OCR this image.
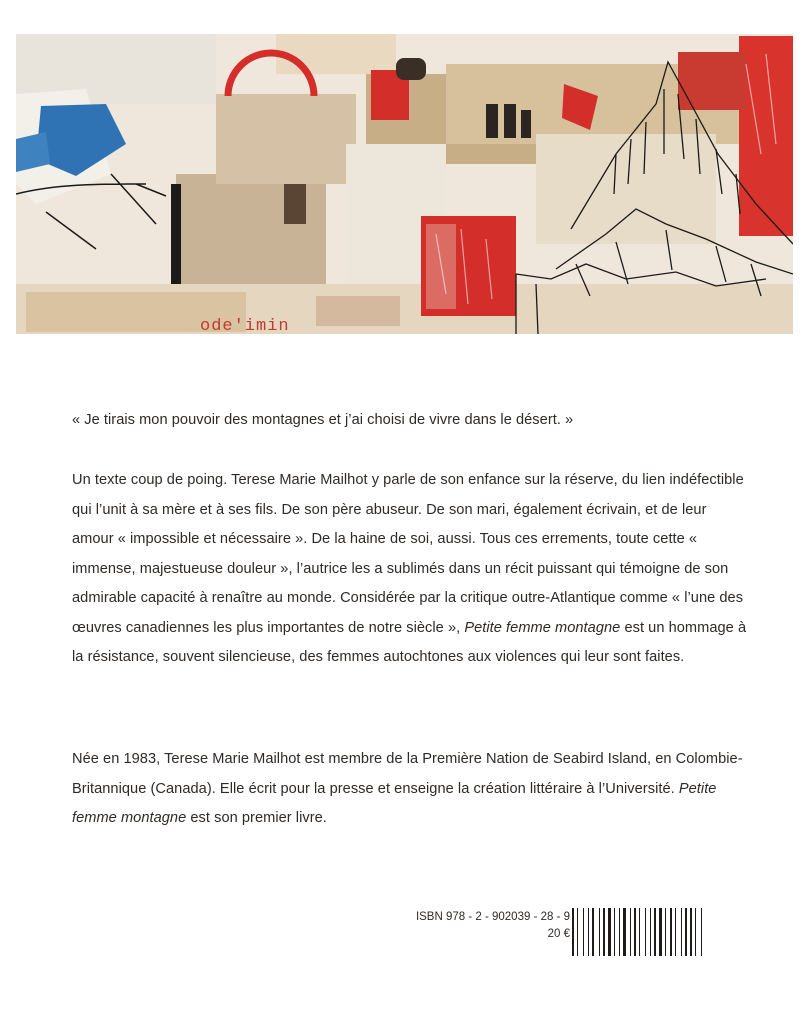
ode'imin

« Je tirais mon pouvoir des montagnes et j’ai choisi de vivre dans le désert. »

Un texte coup de poing. Terese Marie Mailhot y parle de son enfance sur la réserve, du lien indéfectible qui l’unit à sa mère et à ses fils. De son père abuseur. De son mari, également écrivain, et de leur amour « impossible et nécessaire ». De la haine de soi, aussi. Tous ces errements, toute cette « immense, majestueuse douleur », l’autrice les a sublimés dans un récit puissant qui témoigne de son admirable capacité à renaître au monde. Considérée par la critique outre-Atlantique comme « l’une des œuvres canadiennes les plus importantes de notre siècle », Petite femme montagne est un hommage à la résistance, souvent silencieuse, des femmes autochtones aux violences qui leur sont faites.

Née en 1983, Terese Marie Mailhot est membre de la Première Nation de Seabird Island, en Colombie-Britannique (Canada). Elle écrit pour la presse et enseigne la création littéraire à l’Université. Petite femme montagne est son premier livre.

ISBN 978 - 2 - 902039 - 28 - 9
20 €
